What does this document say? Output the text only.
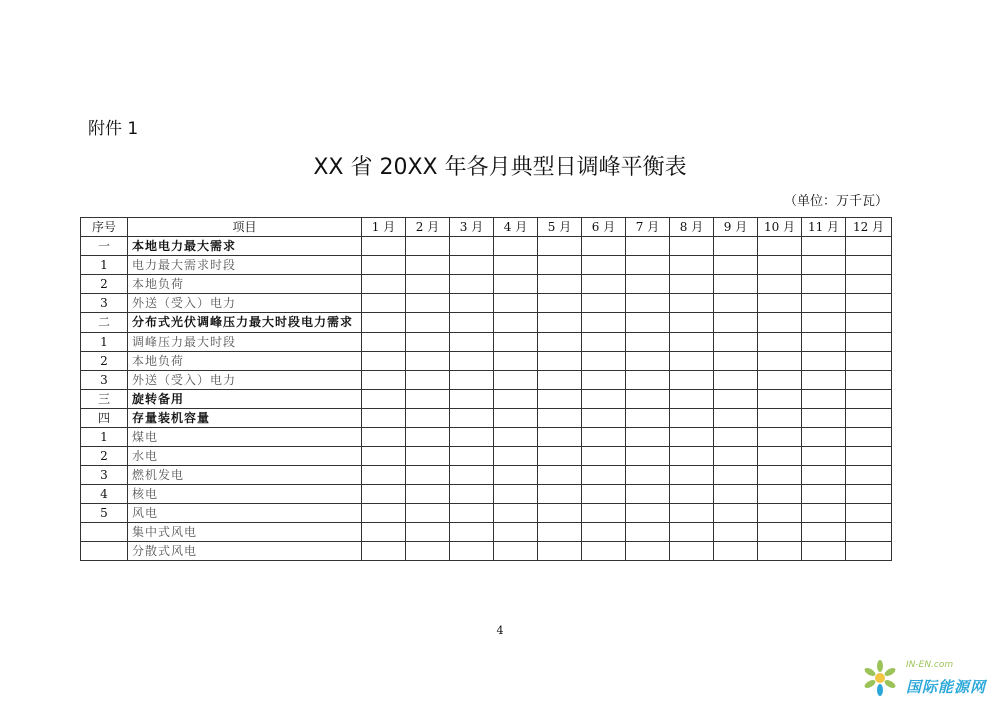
附件 1
XX 省 20XX 年各月典型日调峰平衡表
（单位：万千瓦）
序号	项目	1 月	2 月	3 月	4 月	5 月	6 月	7 月	8 月	9 月	10 月	11 月	12 月
一	本地电力最大需求												
1	电力最大需求时段												
2	本地负荷												
3	外送（受入）电力												
二	分布式光伏调峰压力最大时段电力需求												
1	调峰压力最大时段												
2	本地负荷												
3	外送（受入）电力												
三	旋转备用												
四	存量装机容量												
1	煤电												
2	水电												
3	燃机发电												
4	核电												
5	风电												
	集中式风电												
	分散式风电												
4
IN-EN.com
国际能源网
